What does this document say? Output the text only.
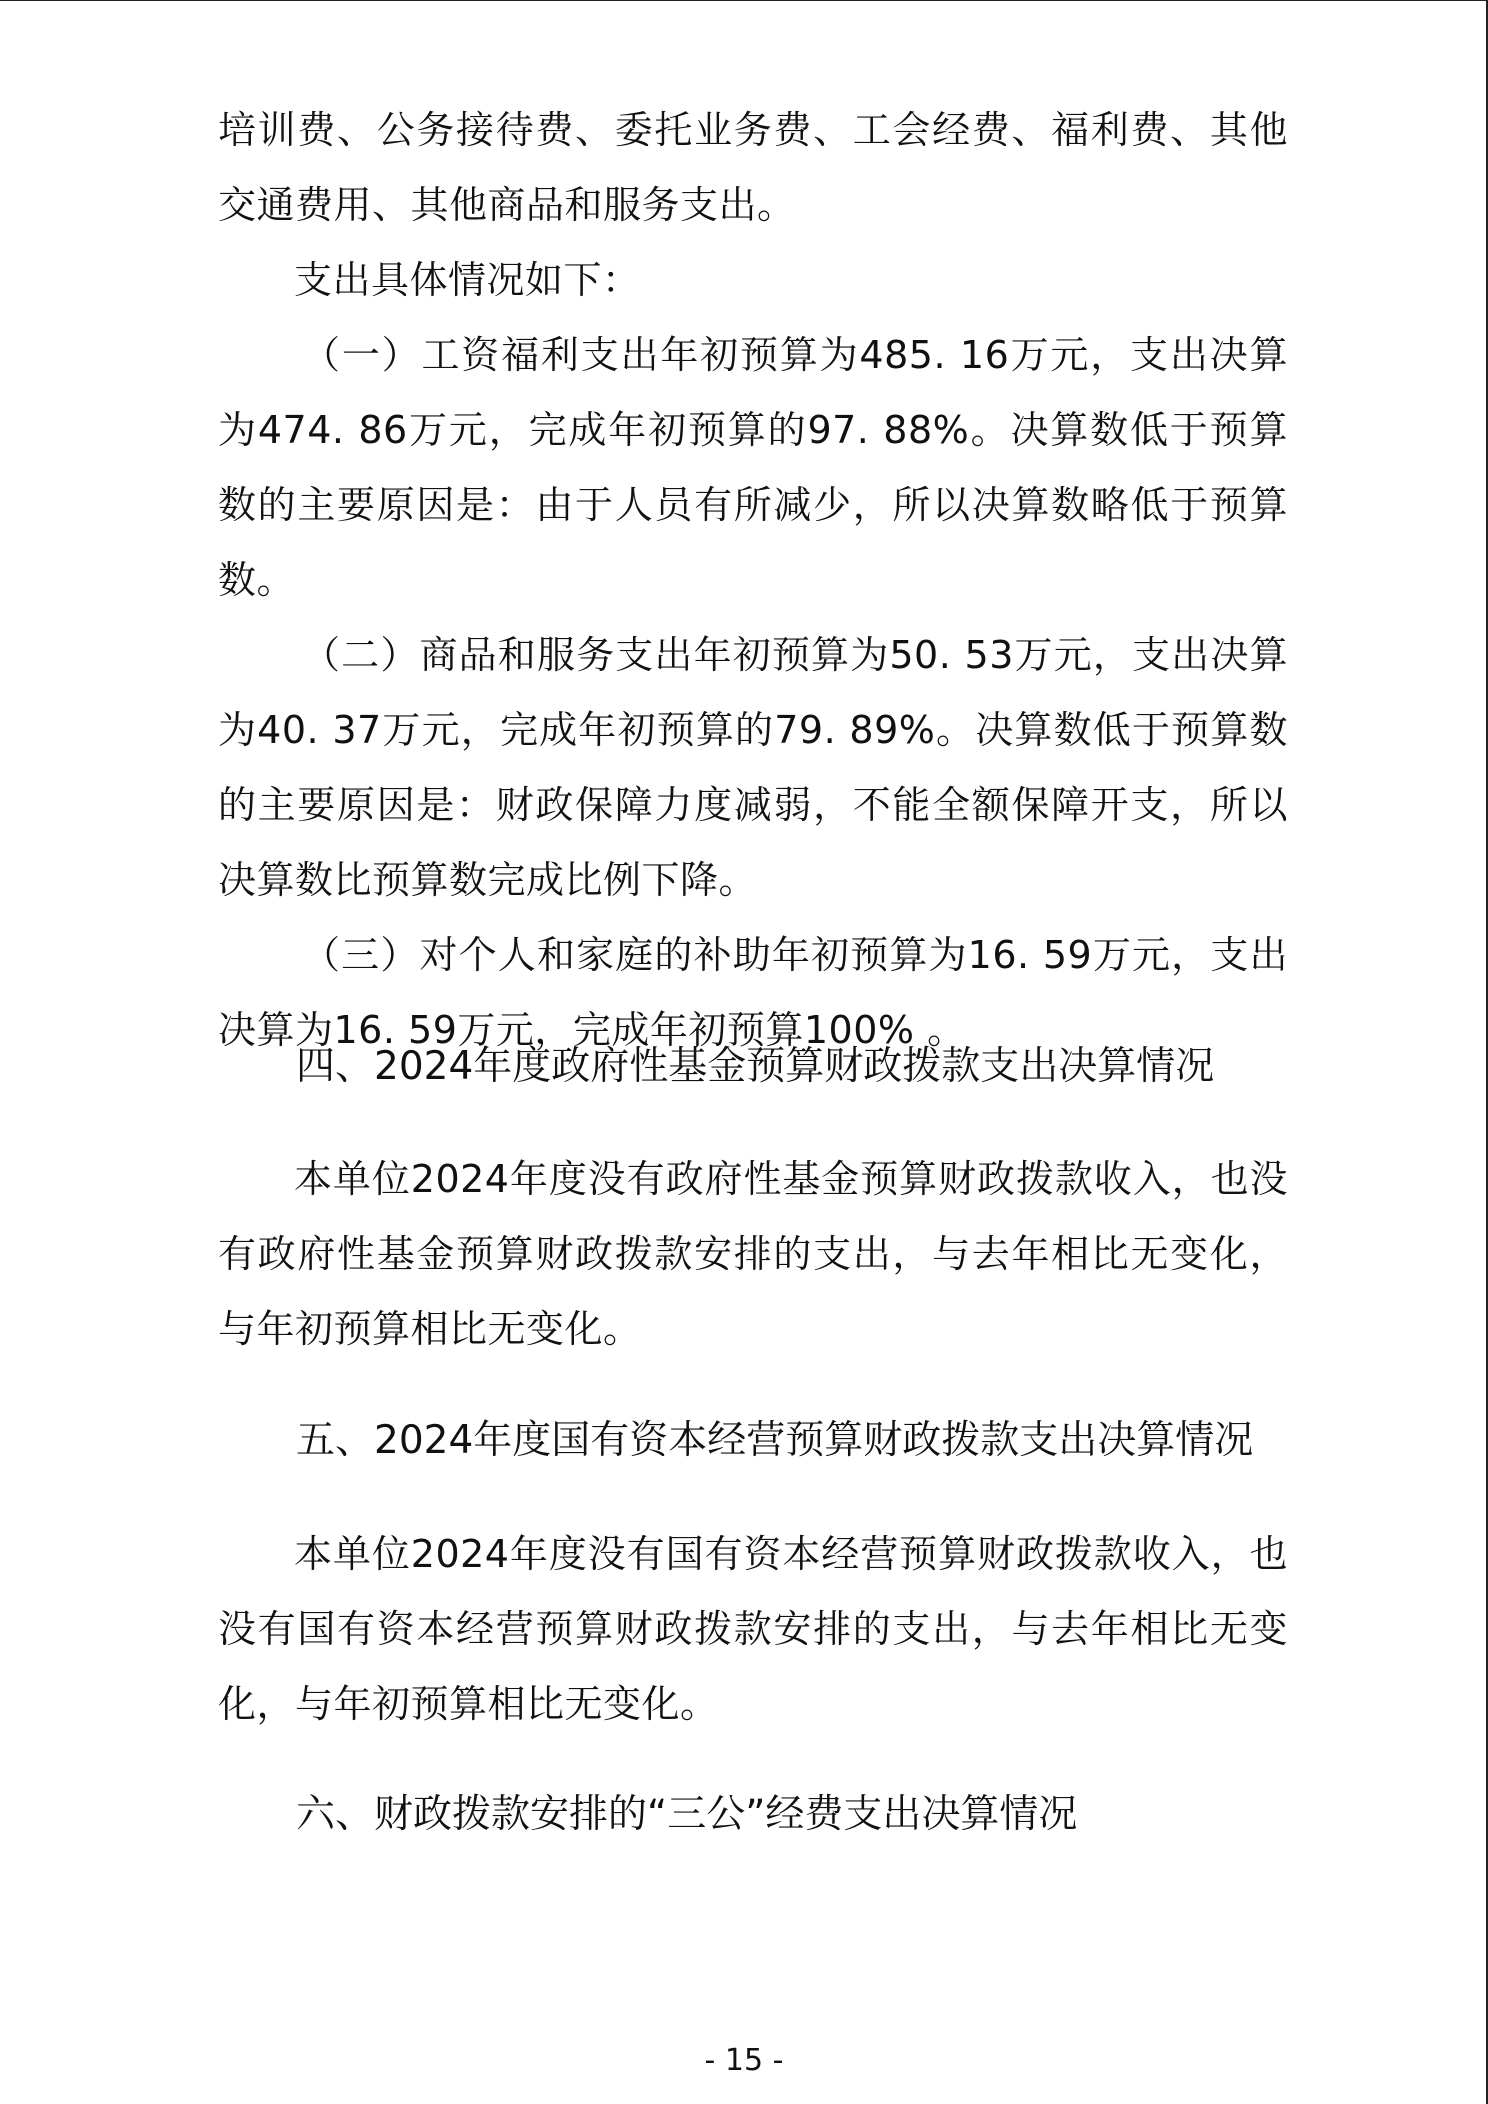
培训费、公务接待费、委托业务费、工会经费、福利费、其他交通费用、其他商品和服务支出。

支出具体情况如下：

（一）工资福利支出年初预算为485. 16万元，支出决算为474. 86万元，完成年初预算的97. 88%。决算数低于预算数的主要原因是：由于人员有所减少，所以决算数略低于预算数。

（二）商品和服务支出年初预算为50. 53万元，支出决算为40. 37万元，完成年初预算的79. 89%。决算数低于预算数的主要原因是：财政保障力度减弱，不能全额保障开支，所以决算数比预算数完成比例下降。

（三）对个人和家庭的补助年初预算为16. 59万元，支出决算为16. 59万元，完成年初预算100% 。

四、2024年度政府性基金预算财政拨款支出决算情况

本单位2024年度没有政府性基金预算财政拨款收入，也没有政府性基金预算财政拨款安排的支出，与去年相比无变化，与年初预算相比无变化。

五、2024年度国有资本经营预算财政拨款支出决算情况

本单位2024年度没有国有资本经营预算财政拨款收入，也没有国有资本经营预算财政拨款安排的支出，与去年相比无变化，与年初预算相比无变化。

六、财政拨款安排的“三公”经费支出决算情况
- 15 -
